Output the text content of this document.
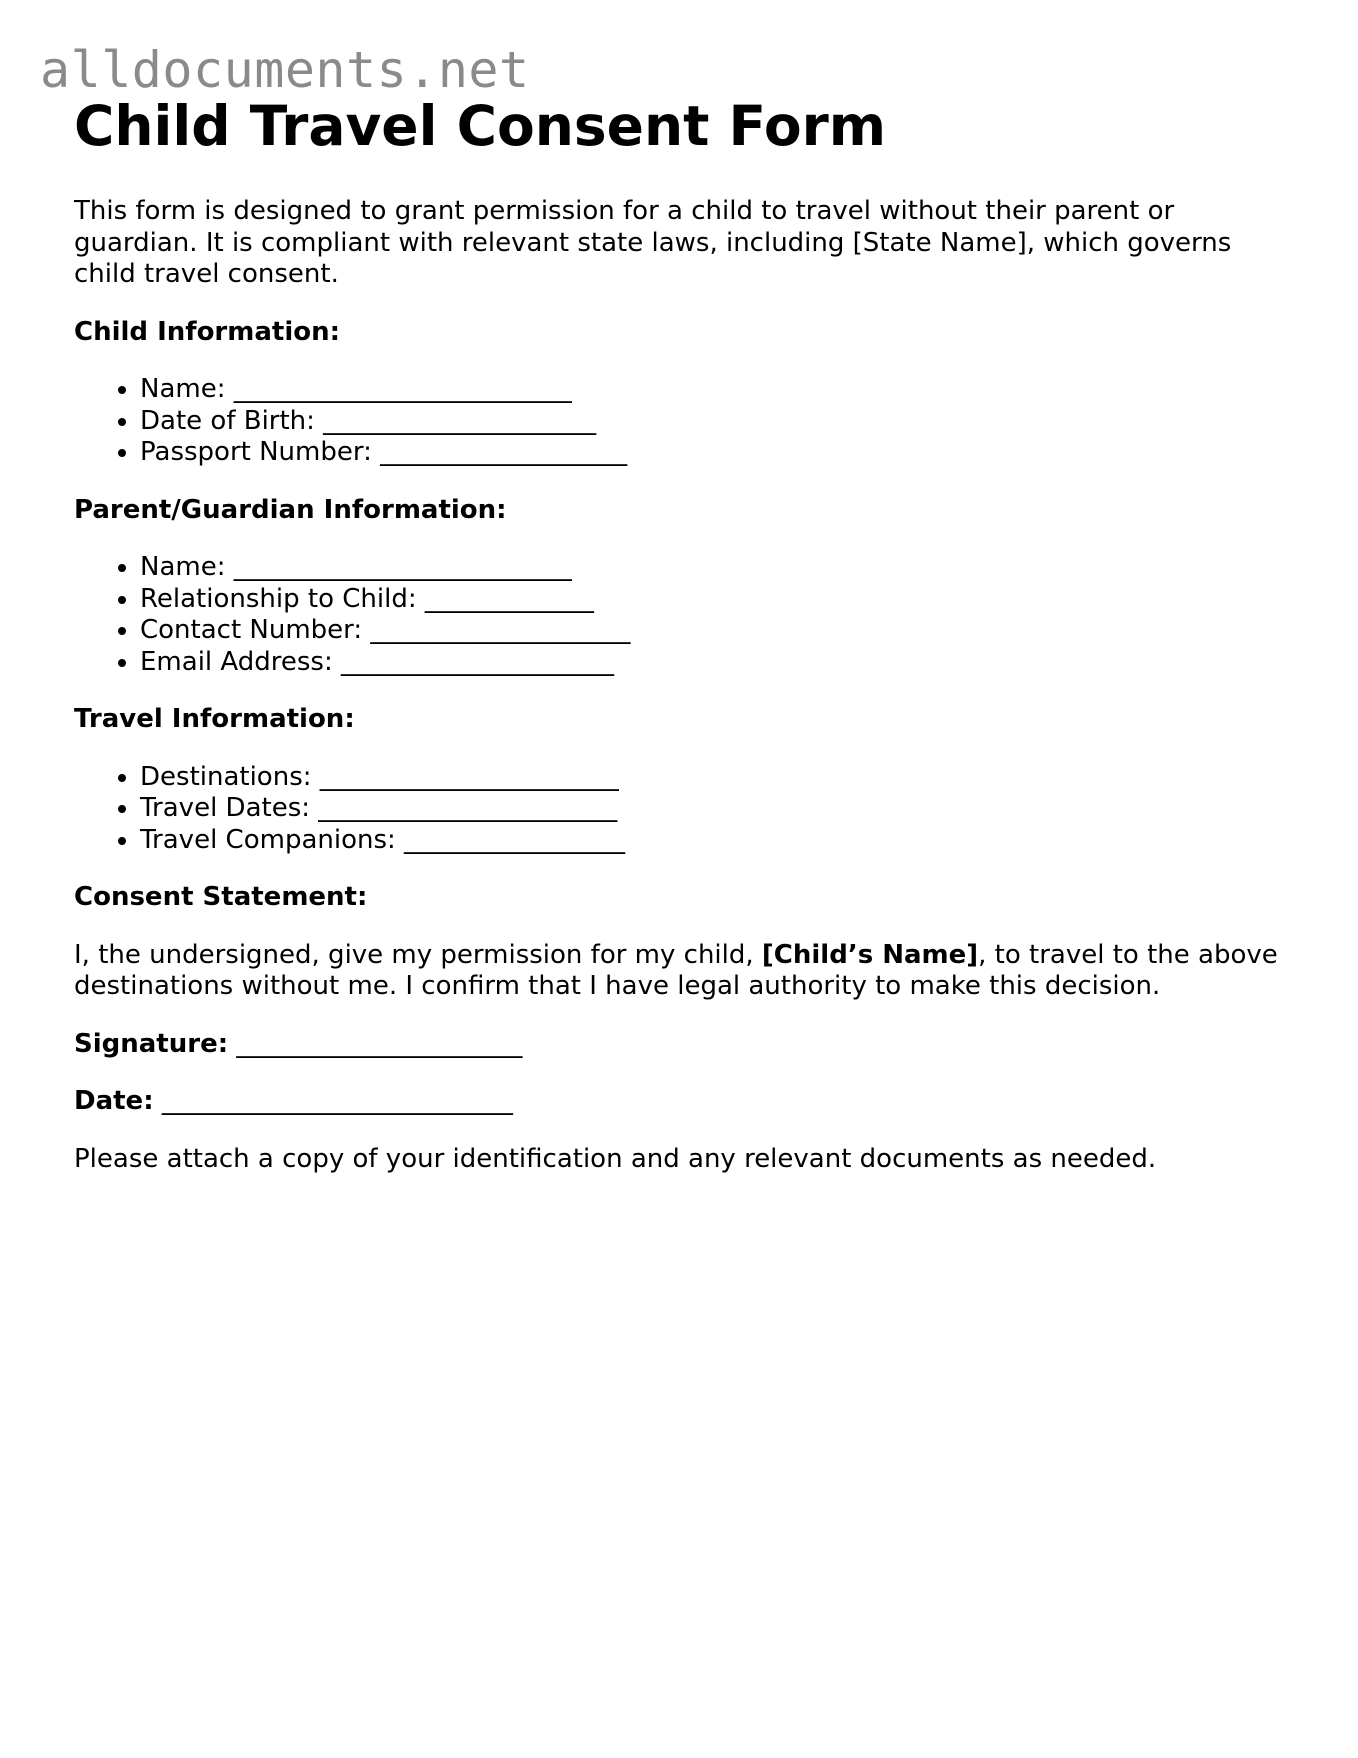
alldocuments.net
Child Travel Consent Form

This form is designed to grant permission for a child to travel without their parent or guardian. It is compliant with relevant state laws, including [State Name], which governs child travel consent.

Child Information:

• Name: __________________________
• Date of Birth: _____________________
• Passport Number: ___________________

Parent/Guardian Information:

• Name: __________________________
• Relationship to Child: _____________
• Contact Number: ____________________
• Email Address: _____________________

Travel Information:

• Destinations: _______________________
• Travel Dates: _______________________
• Travel Companions: _________________

Consent Statement:

I, the undersigned, give my permission for my child, [Child’s Name], to travel to the above destinations without me. I confirm that I have legal authority to make this decision.

Signature: ______________________

Date: ___________________________

Please attach a copy of your identification and any relevant documents as needed.
